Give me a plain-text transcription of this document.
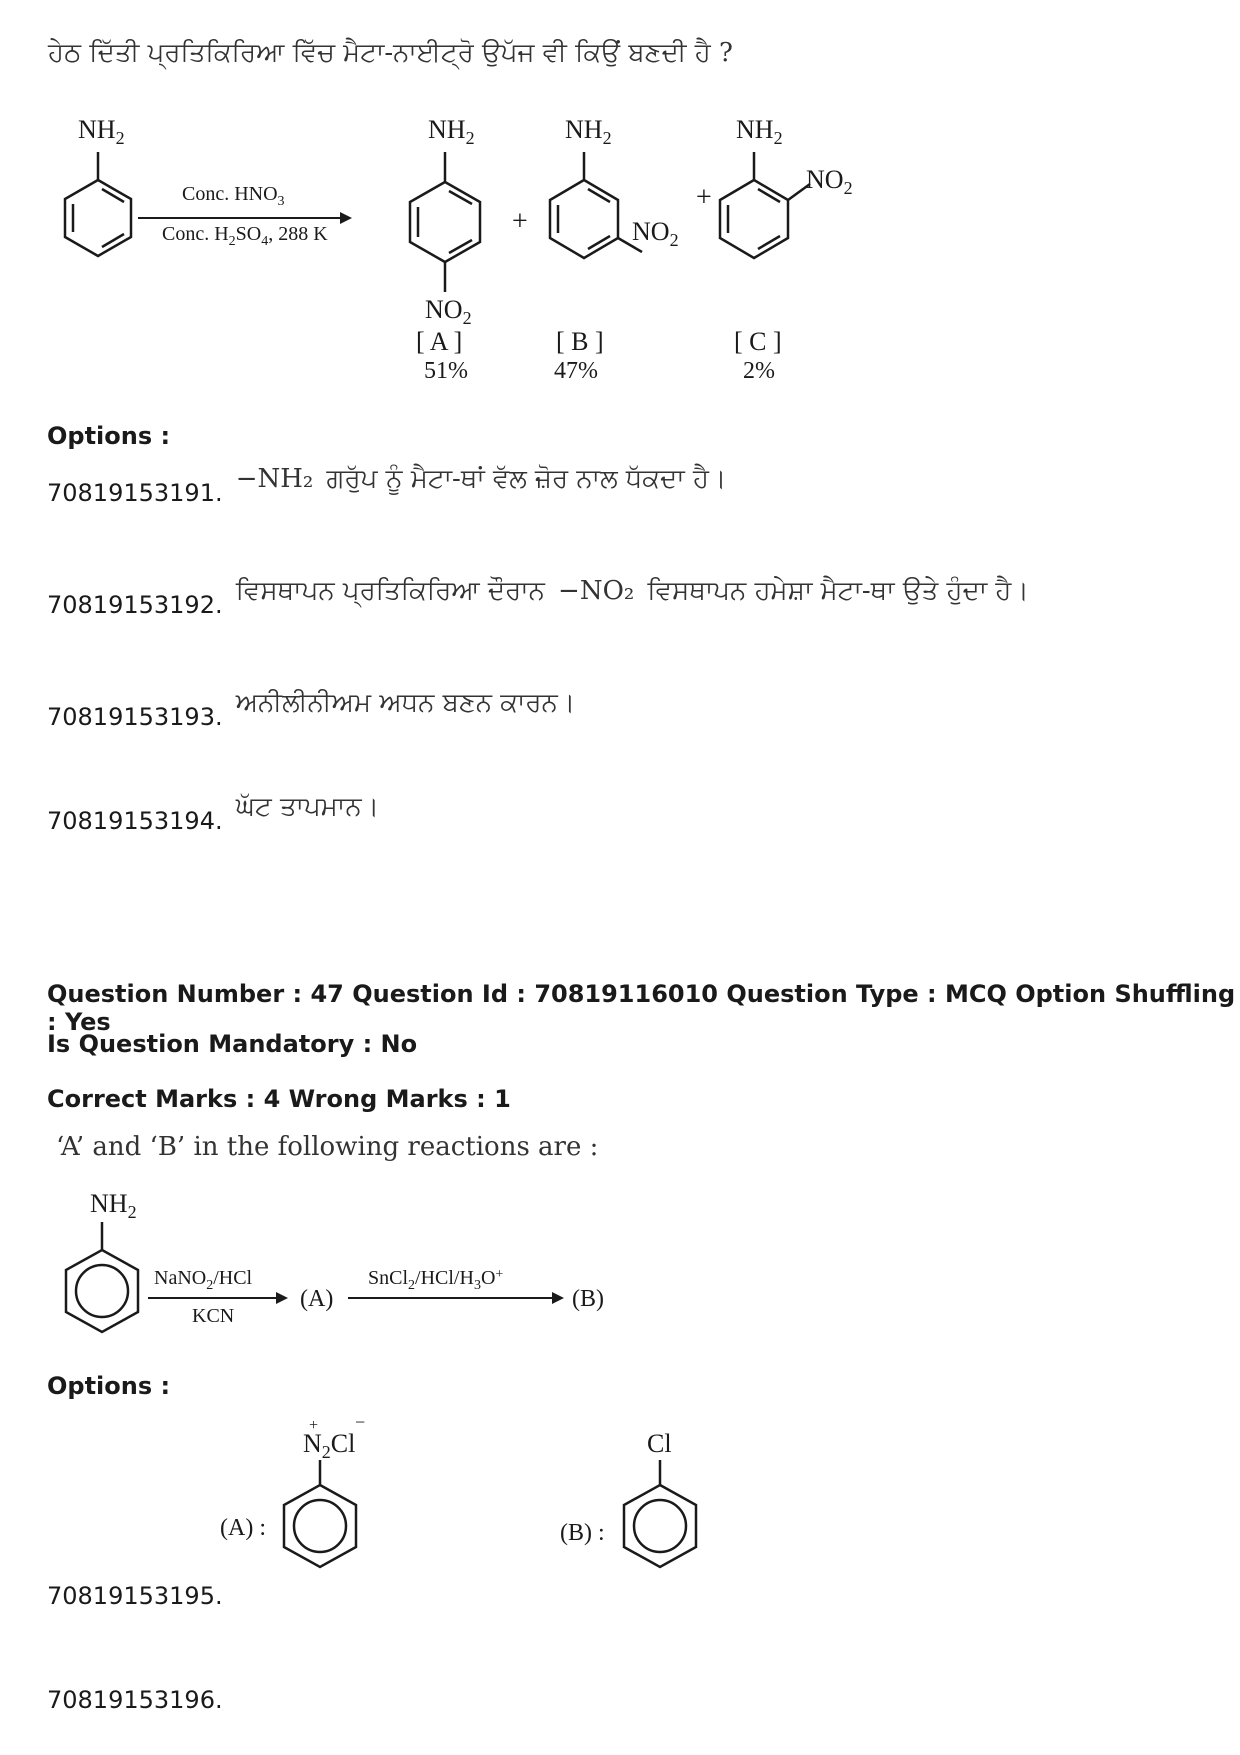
ਹੇਠ ਦਿੱਤੀ ਪ੍ਰਤਿਕਿਰਿਆ ਵਿੱਚ ਮੈਟਾ-ਨਾਈਟ੍ਰੋ ਉਪੱਜ ਵੀ ਕਿਉਂ ਬਣਦੀ ਹੈ ?
$NH_2$
Conc. $HNO_3$
Conc. $H_2SO_4$, 288 K
$NH_2$
$NO_2$
+
$NH_2$
$NO_2$
+
$NH_2$
$NO_2$
[ A ]
51%
[ B ]
47%
[ C ]
2%
Options :
70819153191. −NH₂ ਗਰੁੱਪ ਨੂੰ ਮੈਟਾ-ਥਾਂ ਵੱਲ ਜ਼ੋਰ ਨਾਲ ਧੱਕਦਾ ਹੈ।
70819153192. ਵਿਸਥਾਪਨ ਪ੍ਰਤਿਕਿਰਿਆ ਦੌਰਾਨ −NO₂ ਵਿਸਥਾਪਨ ਹਮੇਸ਼ਾ ਮੈਟਾ-ਥਾ ਉਤੇ ਹੁੰਦਾ ਹੈ।
70819153193. ਅਨੀਲੀਨੀਅਮ ਅਧਨ ਬਣਨ ਕਾਰਨ।
70819153194. ਘੱਟ ਤਾਪਮਾਨ।
Question Number : 47 Question Id : 70819116010 Question Type : MCQ Option Shuffling : Yes
Is Question Mandatory : No
Correct Marks : 4 Wrong Marks : 1
‘A’ and ‘B’ in the following reactions are :
$NH_2$
NaNO$_2$/HCl
KCN
(A)
$SnCl_2/HCl/H_3O^+$
(B)
Options :
(A) :
+
$N_2Cl$
−
(B) :
Cl
70819153195.
70819153196.
